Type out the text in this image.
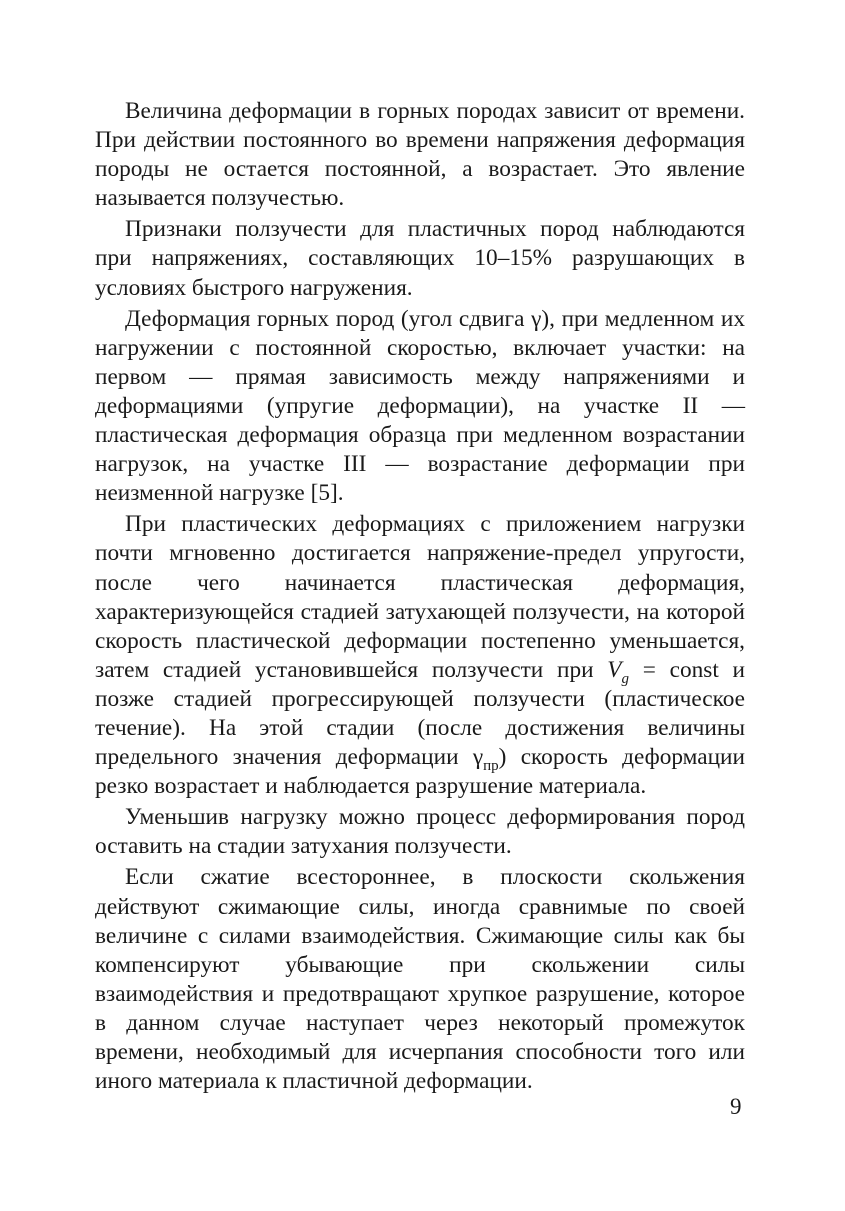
Величина деформации в горных породах зависит от времени. При действии постоянного во времени напряжения деформация породы не остается постоянной, а возрастает. Это явление называется ползучестью.

Признаки ползучести для пластичных пород наблюдаются при напряжениях, составляющих 10–15% разрушающих в условиях быстрого нагружения.

Деформация горных пород (угол сдвига γ), при медленном их нагружении с постоянной скоростью, включает участки: на первом — прямая зависимость между напряжениями и деформациями (упругие деформации), на участке II — пластическая деформация образца при медленном возрастании нагрузок, на участке III — возрастание деформации при неизменной нагрузке [5].

При пластических деформациях с приложением нагрузки почти мгновенно достигается напряжение-предел упругости, после чего начинается пластическая деформация, характеризующейся стадией затухающей ползучести, на которой скорость пластической деформации постепенно уменьшается, затем стадией установившейся ползучести при $V_g$ = const и позже стадией прогрессирующей ползучести (пластическое течение). На этой стадии (после достижения величины предельного значения деформации $\gamma_{пр}$) скорость деформации резко возрастает и наблюдается разрушение материала.

Уменьшив нагрузку можно процесс деформирования пород оставить на стадии затухания ползучести.

Если сжатие всестороннее, в плоскости скольжения действуют сжимающие силы, иногда сравнимые по своей величине с силами взаимодействия. Сжимающие силы как бы компенсируют убывающие при скольжении силы взаимодействия и предотвращают хрупкое разрушение, которое в данном случае наступает через некоторый промежуток времени, необходимый для исчерпания способности того или иного материала к пластичной деформации.

9
